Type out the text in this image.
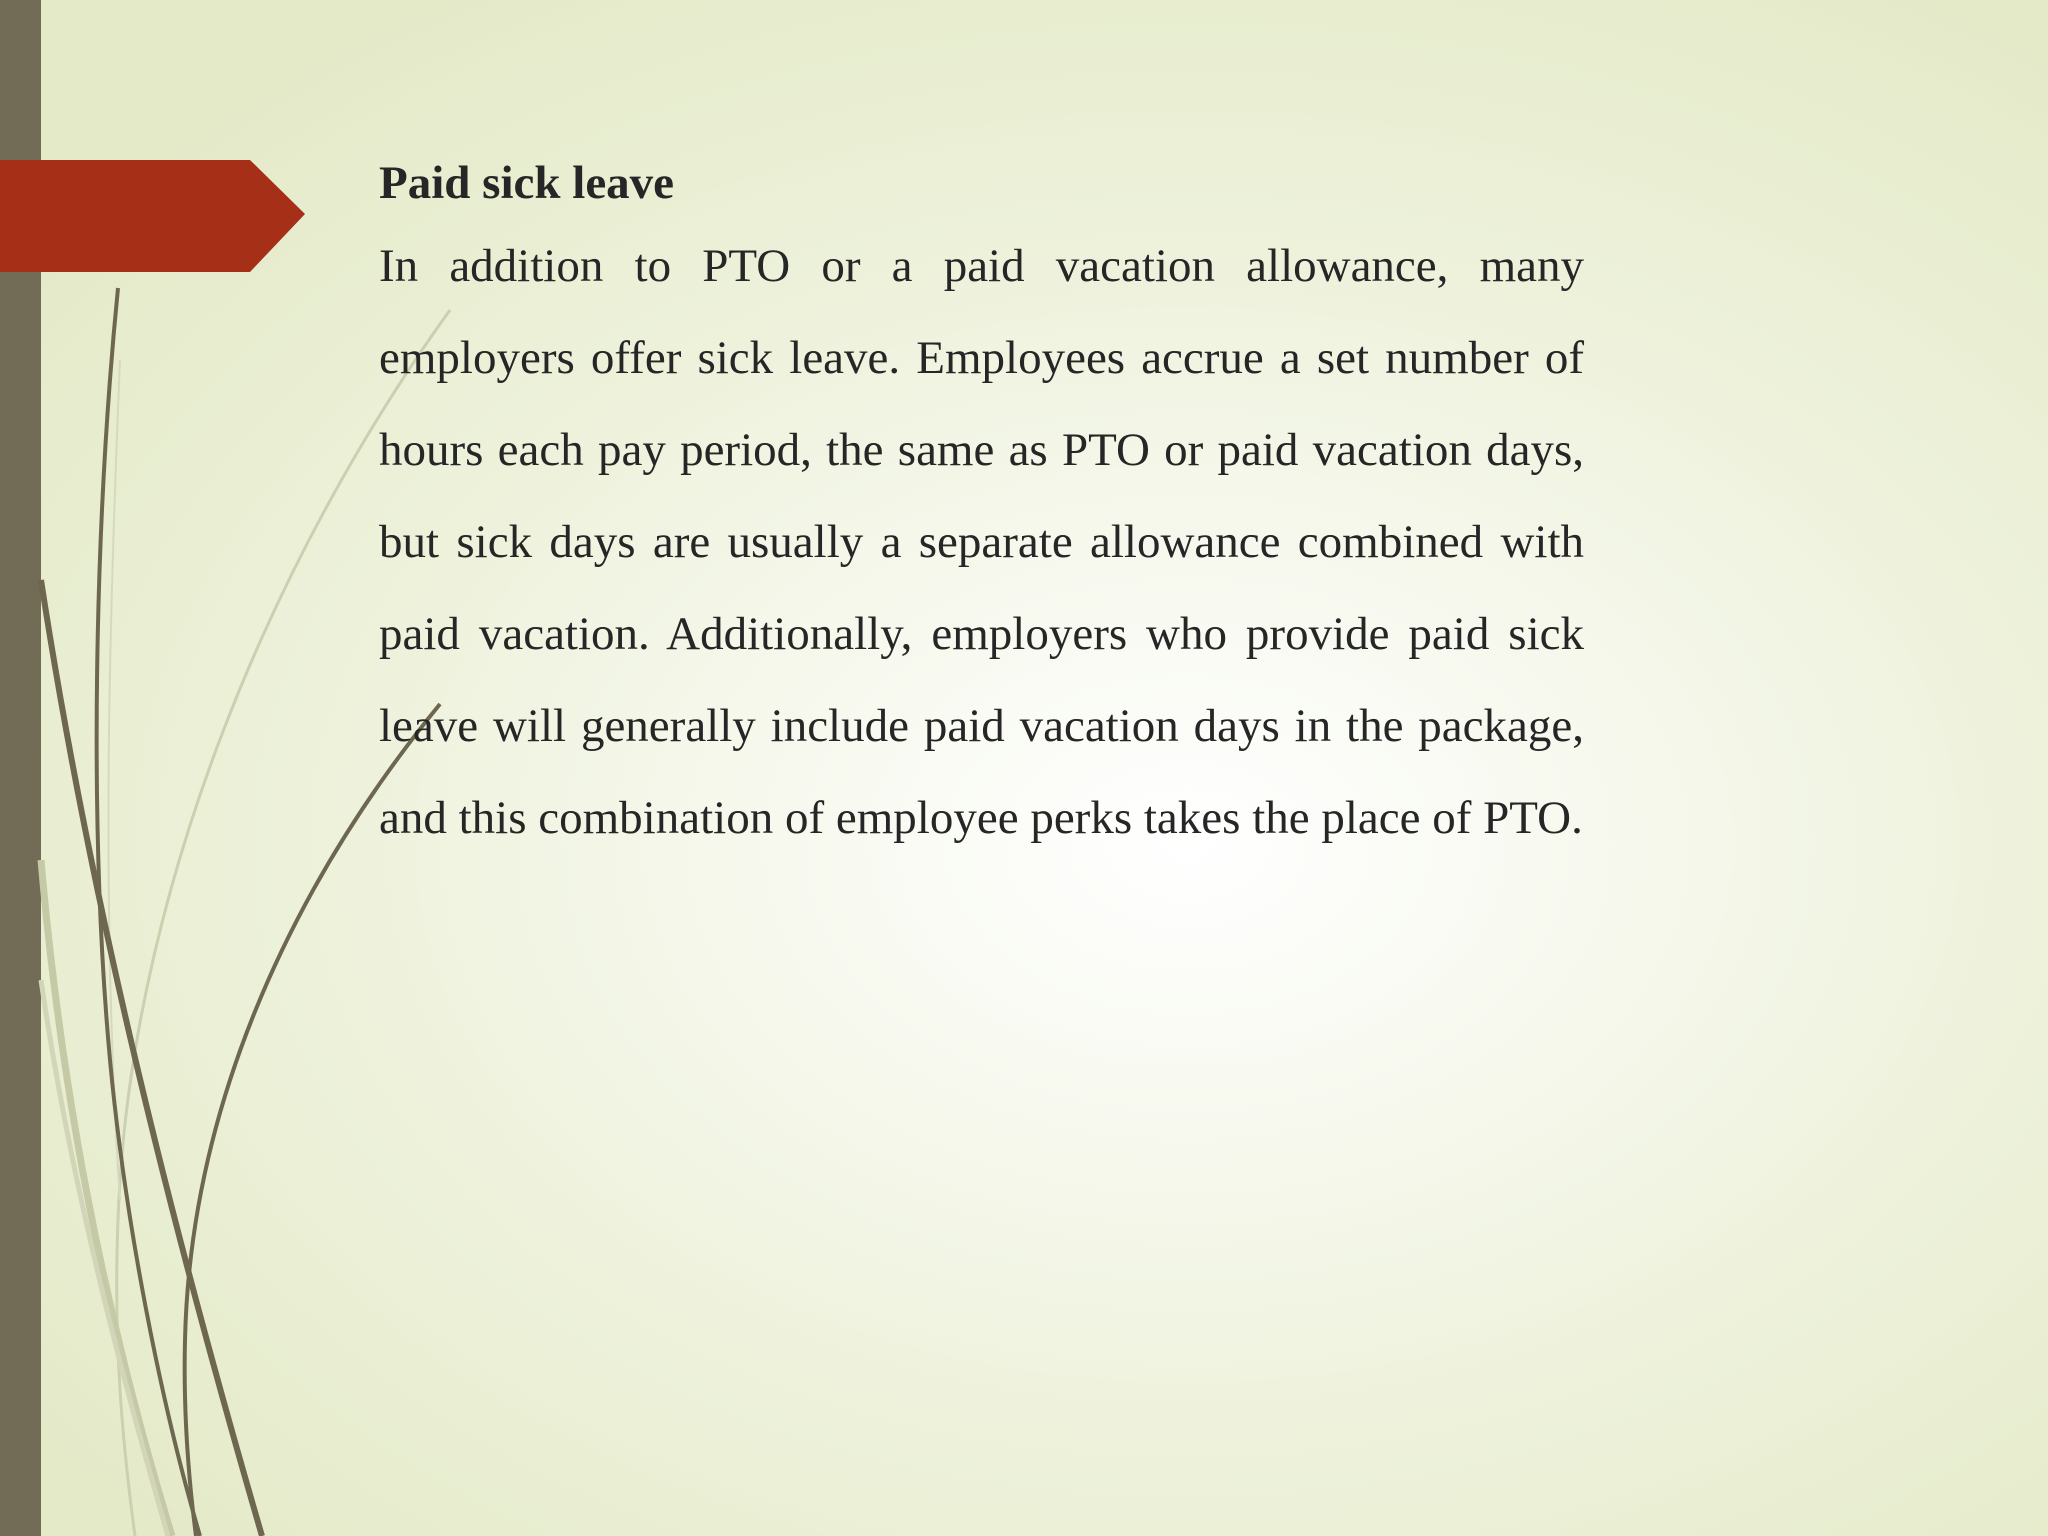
Paid sick leave

In addition to PTO or a paid vacation allowance, many employers offer sick leave. Employees accrue a set number of hours each pay period, the same as PTO or paid vacation days, but sick days are usually a separate allowance combined with paid vacation. Additionally, employers who provide paid sick leave will generally include paid vacation days in the package, and this combination of employee perks takes the place of PTO.
